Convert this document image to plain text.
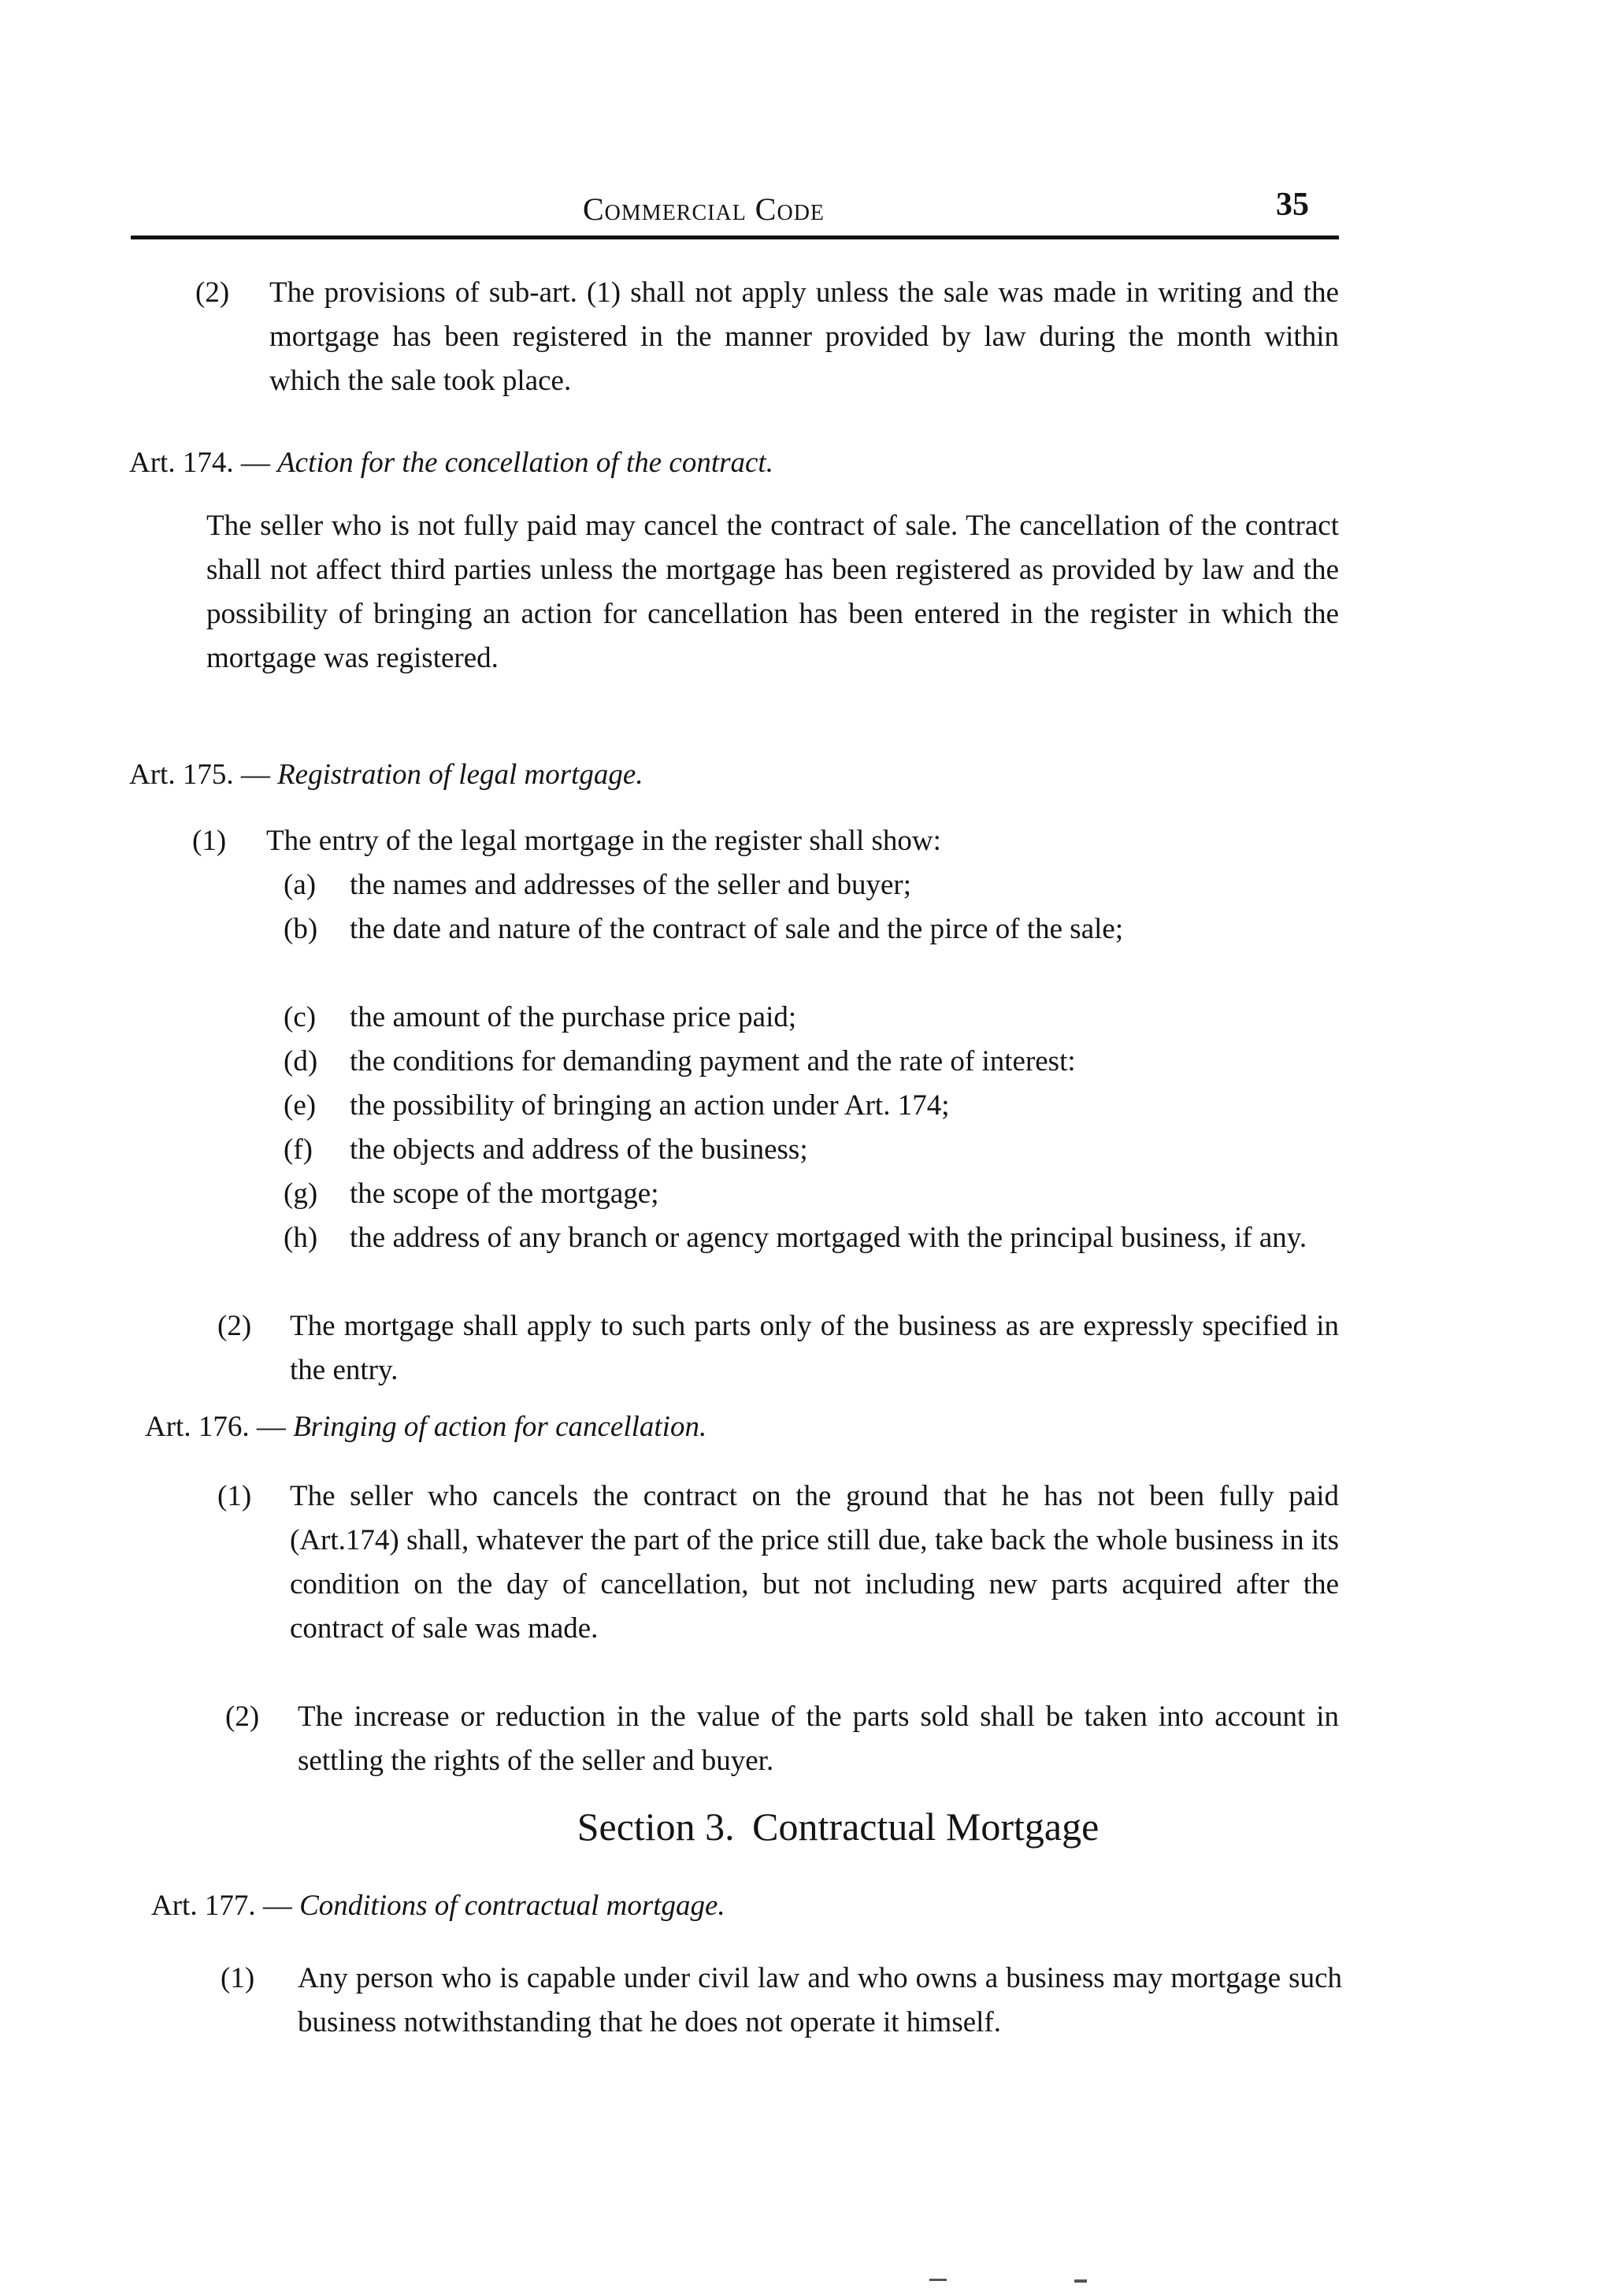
Commercial Code	35
(2) The provisions of sub-art. (1) shall not apply unless the sale was made in writing and the mortgage has been registered in the manner provided by law during the month within which the sale took place.
Art. 174. — Action for the concellation of the contract.
The seller who is not fully paid may cancel the contract of sale. The cancellation of the contract shall not affect third parties unless the mortgage has been registered as provided by law and the possibility of bringing an action for cancellation has been entered in the register in which the mortgage was registered.
Art. 175. — Registration of legal mortgage.
(1) The entry of the legal mortgage in the register shall show:
(a) the names and addresses of the seller and buyer;
(b) the date and nature of the contract of sale and the pirce of the sale;
(c) the amount of the purchase price paid;
(d) the conditions for demanding payment and the rate of interest:
(e) the possibility of bringing an action under Art. 174;
(f) the objects and address of the business;
(g) the scope of the mortgage;
(h) the address of any branch or agency mortgaged with the principal business, if any.
(2) The mortgage shall apply to such parts only of the business as are expressly specified in the entry.
Art. 176. — Bringing of action for cancellation.
(1) The seller who cancels the contract on the ground that he has not been fully paid (Art.174) shall, whatever the part of the price still due, take back the whole business in its condition on the day of cancellation, but not including new parts acquired after the contract of sale was made.
(2) The increase or reduction in the value of the parts sold shall be taken into account in settling the rights of the seller and buyer.
Section 3. Contractual Mortgage
Art. 177. — Conditions of contractual mortgage.
(1) Any person who is capable under civil law and who owns a business may mortgage such business notwithstanding that he does not operate it himself.
